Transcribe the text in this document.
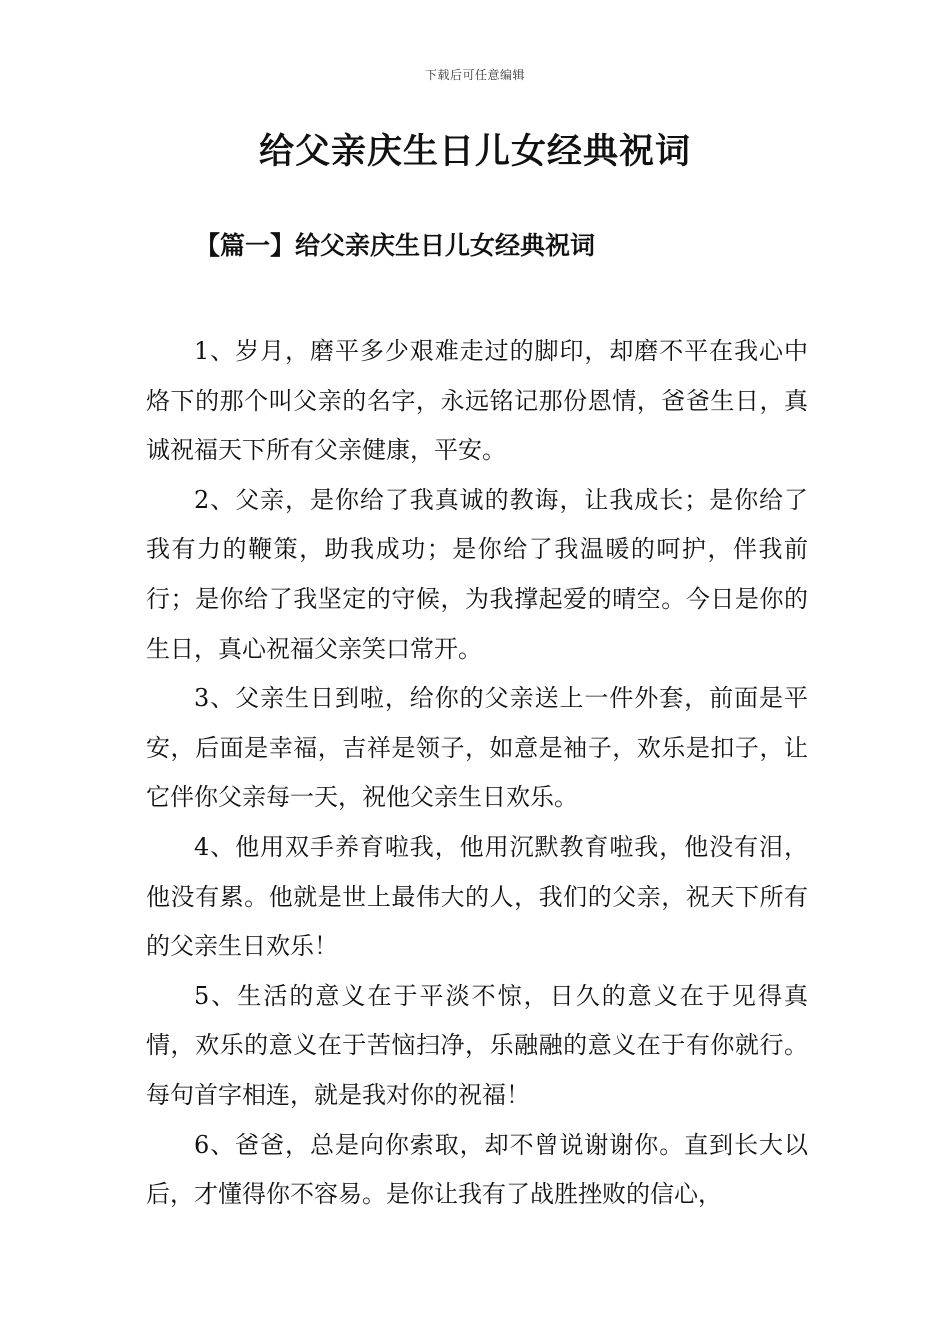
下载后可任意编辑
给父亲庆生日儿女经典祝词
【篇一】给父亲庆生日儿女经典祝词

1、岁月，磨平多少艰难走过的脚印，却磨不平在我心中烙下的那个叫父亲的名字，永远铭记那份恩情，爸爸生日，真诚祝福天下所有父亲健康，平安。

2、父亲，是你给了我真诚的教诲，让我成长；是你给了我有力的鞭策，助我成功；是你给了我温暖的呵护，伴我前行；是你给了我坚定的守候，为我撑起爱的晴空。今日是你的生日，真心祝福父亲笑口常开。

3、父亲生日到啦，给你的父亲送上一件外套，前面是平安，后面是幸福，吉祥是领子，如意是袖子，欢乐是扣子，让它伴你父亲每一天，祝他父亲生日欢乐。

4、他用双手养育啦我，他用沉默教育啦我，他没有泪，他没有累。他就是世上最伟大的人，我们的父亲，祝天下所有的父亲生日欢乐！

5、生活的意义在于平淡不惊，日久的意义在于见得真情，欢乐的意义在于苦恼扫净，乐融融的意义在于有你就行。每句首字相连，就是我对你的祝福！

6、爸爸，总是向你索取，却不曾说谢谢你。直到长大以后，才懂得你不容易。是你让我有了战胜挫败的信心，
